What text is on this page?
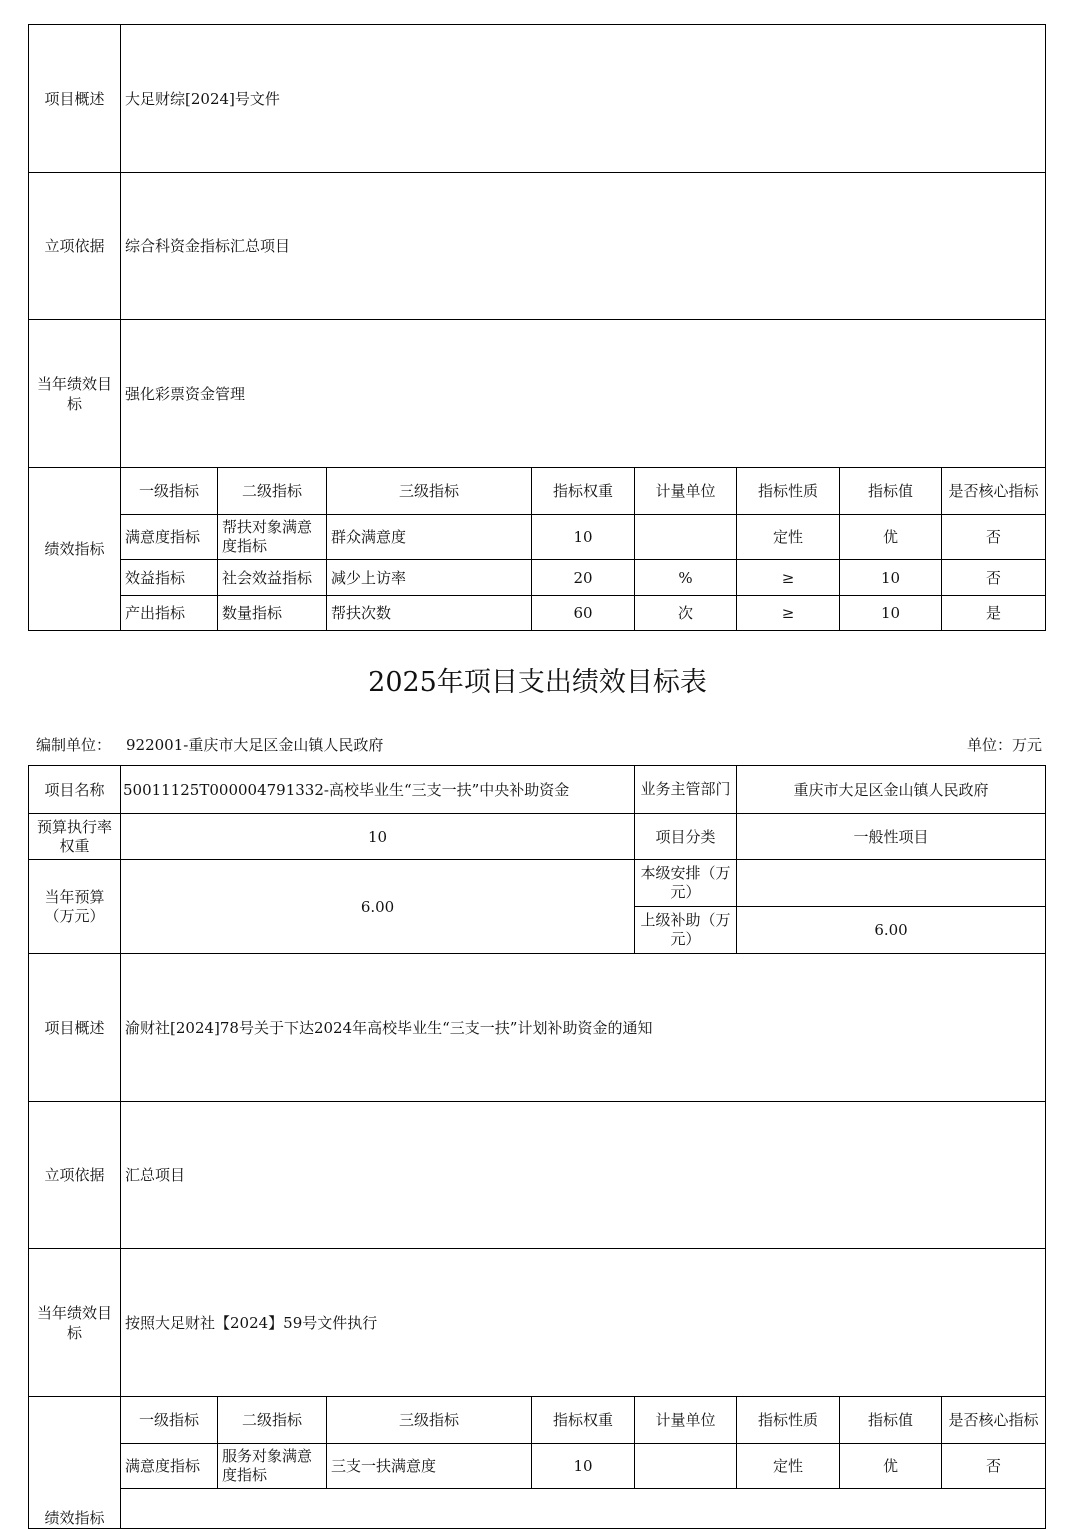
项目概述	大足财综[2024]号文件							
立项依据	综合科资金指标汇总项目							
当年绩效目标	强化彩票资金管理							
绩效指标	一级指标	二级指标	三级指标	指标权重	计量单位	指标性质	指标值	是否核心指标
	满意度指标	帮扶对象满意度指标	群众满意度	10		定性	优	否
	效益指标	社会效益指标	减少上访率	20	%	≥	10	否
	产出指标	数量指标	帮扶次数	60	次	≥	10	是
2025年项目支出绩效目标表
编制单位： 922001-重庆市大足区金山镇人民政府	单位：万元
项目名称	50011125T000004791332-高校毕业生“三支一扶”中央补助资金				业务主管部门	重庆市大足区金山镇人民政府		
预算执行率权重	10				项目分类	一般性项目		
当年预算（万元）	6.00				本级安排（万元）			
					上级补助（万元）	6.00		
项目概述	渝财社[2024]78号关于下达2024年高校毕业生“三支一扶”计划补助资金的通知							
立项依据	汇总项目							
当年绩效目标	按照大足财社【2024】59号文件执行							
绩效指标	一级指标	二级指标	三级指标	指标权重	计量单位	指标性质	指标值	是否核心指标
	满意度指标	服务对象满意度指标	三支一扶满意度	10		定性	优	否
